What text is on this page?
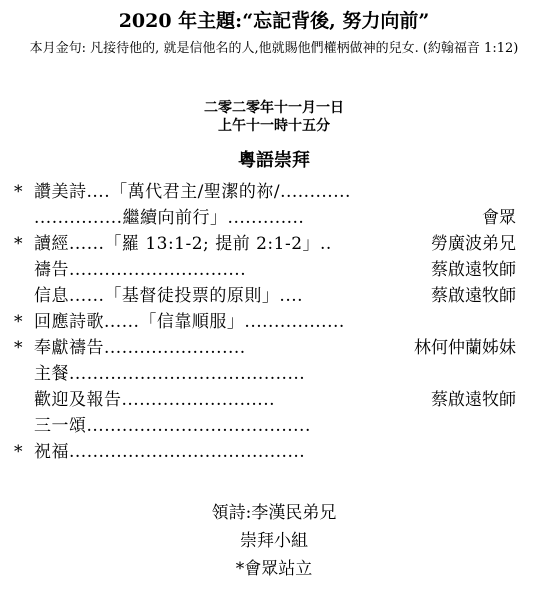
2020 年主題:“忘記背後, 努力向前”
本月金句: 凡接待他的, 就是信他名的人,他就賜他們權柄做神的兒女. (約翰福音 1:12)
二零二零年十一月一日
上午十一時十五分
粵語崇拜
* 讚美詩....「萬代君主/聖潔的祢/............
...............繼續向前行」.............	會眾
* 讀經......「羅 13:1-2; 提前 2:1-2」..	勞廣波弟兄
禱告..............................	蔡啟遠牧師
信息......「基督徒投票的原則」....	蔡啟遠牧師
* 回應詩歌......「信靠順服」.................
* 奉獻禱告........................	林何仲蘭姊妹
主餐........................................
歡迎及報告..........................	蔡啟遠牧師
三一頌......................................
* 祝福........................................
領詩:李漢民弟兄
崇拜小組
*會眾站立
